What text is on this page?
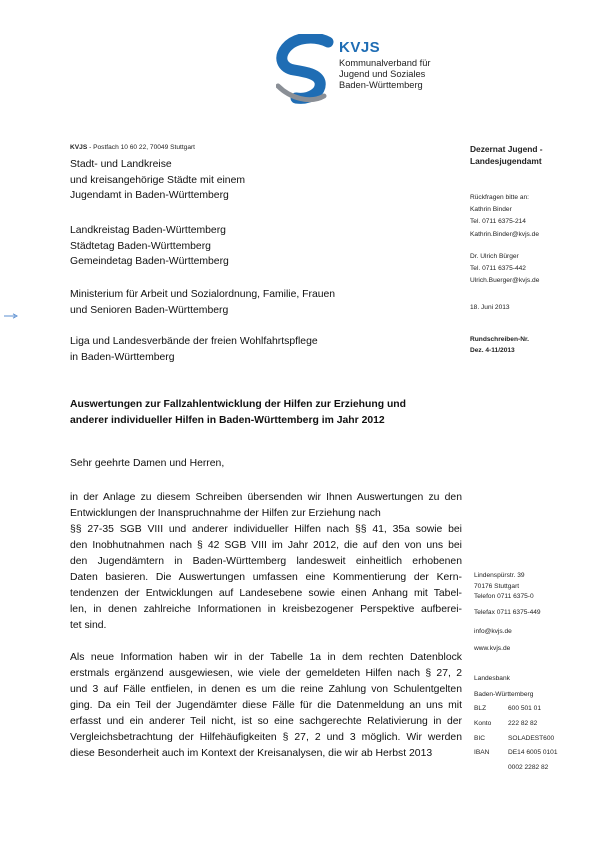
KVJS
Kommunalverband für
Jugend und Soziales
Baden-Württemberg
KVJS - Postfach 10 60 22, 70049 Stuttgart
Stadt- und Landkreise
und kreisangehörige Städte mit einem
Jugendamt in Baden-Württemberg
Landkreistag Baden-Württemberg
Städtetag Baden-Württemberg
Gemeindetag Baden-Württemberg
Ministerium für Arbeit und Sozialordnung, Familie, Frauen
und Senioren Baden-Württemberg
Liga und Landesverbände der freien Wohlfahrtspflege
in Baden-Württemberg
Dezernat Jugend -
Landesjugendamt
Rückfragen bitte an:
Kathrin Binder
Tel. 0711 6375-214
Kathrin.Binder@kvjs.de
Dr. Ulrich Bürger
Tel. 0711 6375-442
Ulrich.Buerger@kvjs.de
18. Juni 2013
Rundschreiben-Nr.
Dez. 4-11/2013
Auswertungen zur Fallzahlentwicklung der Hilfen zur Erziehung und
anderer individueller Hilfen in Baden-Württemberg im Jahr 2012
Sehr geehrte Damen und Herren,
in der Anlage zu diesem Schreiben übersenden wir Ihnen Auswertungen zu den
Entwicklungen der Inanspruchnahme der Hilfen zur Erziehung nach
§§ 27-35 SGB VIII und anderer individueller Hilfen nach §§ 41, 35a sowie bei
den Inobhutnahmen nach § 42 SGB VIII im Jahr 2012, die auf den von uns bei
den Jugendämtern in Baden-Württemberg landesweit einheitlich erhobenen
Daten basieren. Die Auswertungen umfassen eine Kommentierung der Kern-
tendenzen der Entwicklungen auf Landesebene sowie einen Anhang mit Tabel-
len, in denen zahlreiche Informationen in kreisbezogener Perspektive aufberei-
tet sind.
Als neue Information haben wir in der Tabelle 1a in dem rechten Datenblock
erstmals ergänzend ausgewiesen, wie viele der gemeldeten Hilfen nach § 27, 2
und 3 auf Fälle entfielen, in denen es um die reine Zahlung von Schulentgelten
ging. Da ein Teil der Jugendämter diese Fälle für die Datenmeldung an uns mit
erfasst und ein anderer Teil nicht, ist so eine sachgerechte Relativierung in der
Vergleichsbetrachtung der Hilfehäufigkeiten § 27, 2 und 3 möglich. Wir werden
diese Besonderheit auch im Kontext der Kreisanalysen, die wir ab Herbst 2013
Lindenspürstr. 39
70176 Stuttgart
Telefon 0711 6375-0
Telefax 0711 6375-449
info@kvjs.de
www.kvjs.de
Landesbank
Baden-Württemberg
BLZ	600 501 01
Konto	222 82 82
BIC	SOLADEST600
IBAN	DE14 6005 0101
0002 2282 82
